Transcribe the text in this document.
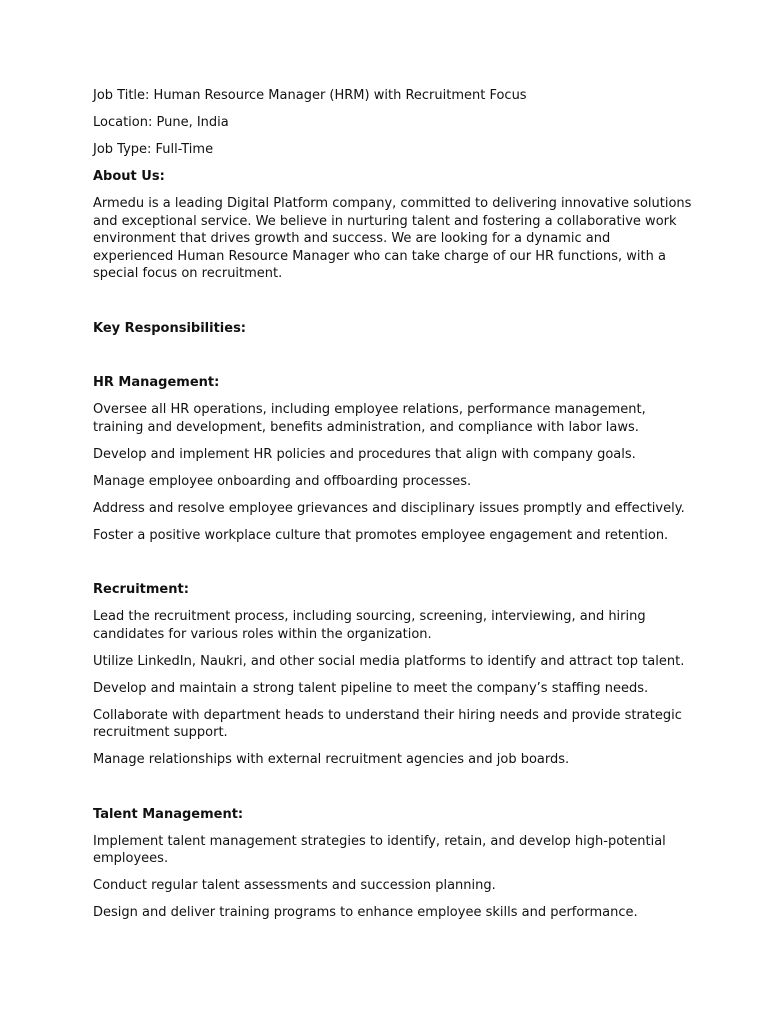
Job Title: Human Resource Manager (HRM) with Recruitment Focus

Location: Pune, India

Job Type: Full-Time

About Us:

Armedu is a leading Digital Platform company, committed to delivering innovative solutions and exceptional service. We believe in nurturing talent and fostering a collaborative work environment that drives growth and success. We are looking for a dynamic and experienced Human Resource Manager who can take charge of our HR functions, with a special focus on recruitment.

Key Responsibilities:

HR Management:

Oversee all HR operations, including employee relations, performance management, training and development, benefits administration, and compliance with labor laws.

Develop and implement HR policies and procedures that align with company goals.

Manage employee onboarding and offboarding processes.

Address and resolve employee grievances and disciplinary issues promptly and effectively.

Foster a positive workplace culture that promotes employee engagement and retention.

Recruitment:

Lead the recruitment process, including sourcing, screening, interviewing, and hiring candidates for various roles within the organization.

Utilize LinkedIn, Naukri, and other social media platforms to identify and attract top talent.

Develop and maintain a strong talent pipeline to meet the company’s staffing needs.

Collaborate with department heads to understand their hiring needs and provide strategic recruitment support.

Manage relationships with external recruitment agencies and job boards.

Talent Management:

Implement talent management strategies to identify, retain, and develop high-potential employees.

Conduct regular talent assessments and succession planning.

Design and deliver training programs to enhance employee skills and performance.
